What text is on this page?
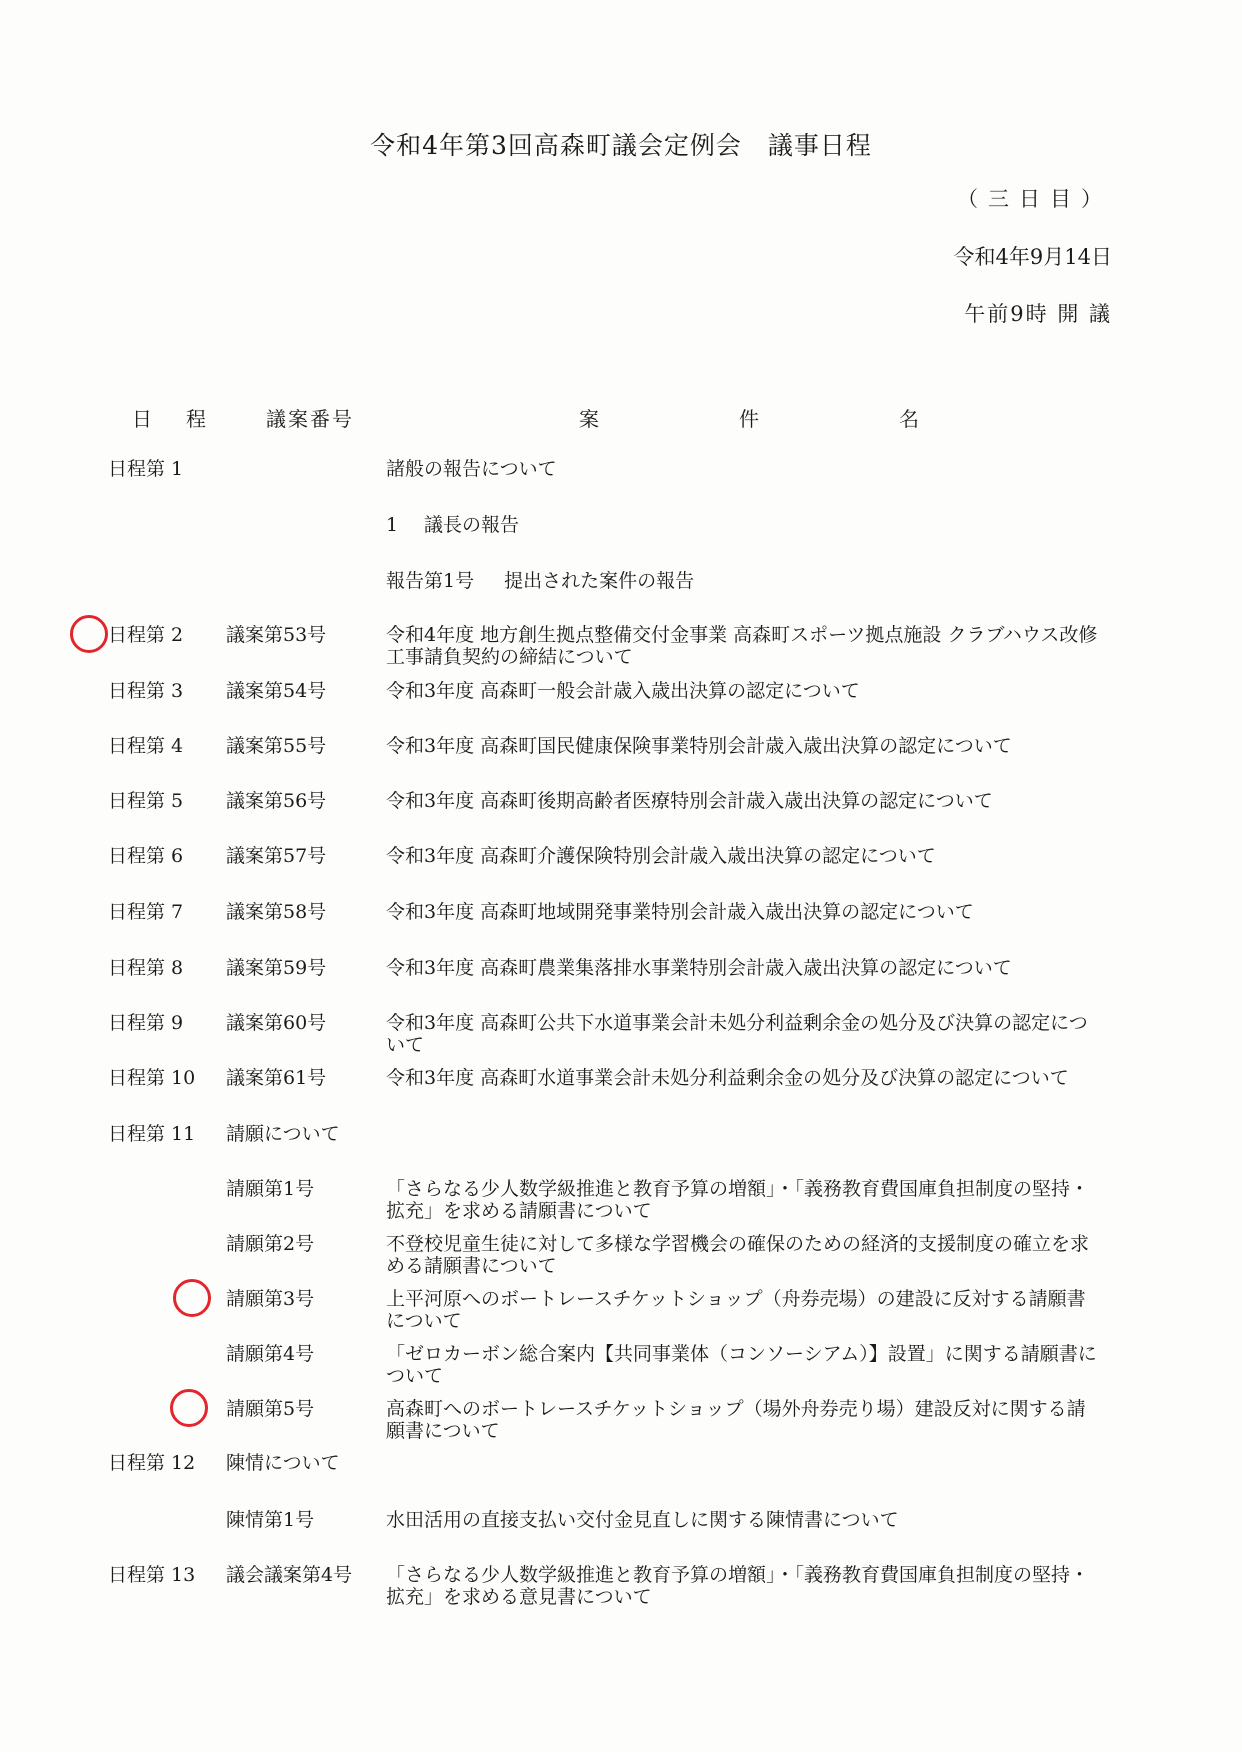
令和4年第3回高森町議会定例会　議事日程
（三日目）
令和4年9月14日
午前9時 開 議
日程 議案番号	案件名
日程第 1	諸般の報告について
1 議長の報告
報告第1号 提出された案件の報告
日程第 2 議案第53号	令和4年度 地方創生拠点整備交付金事業 高森町スポーツ拠点施設 クラブハウス改修工事請負契約の締結について
日程第 3 議案第54号	令和3年度 高森町一般会計歳入歳出決算の認定について
日程第 4 議案第55号	令和3年度 高森町国民健康保険事業特別会計歳入歳出決算の認定について
日程第 5 議案第56号	令和3年度 高森町後期高齢者医療特別会計歳入歳出決算の認定について
日程第 6 議案第57号	令和3年度 高森町介護保険特別会計歳入歳出決算の認定について
日程第 7 議案第58号	令和3年度 高森町地域開発事業特別会計歳入歳出決算の認定について
日程第 8 議案第59号	令和3年度 高森町農業集落排水事業特別会計歳入歳出決算の認定について
日程第 9 議案第60号	令和3年度 高森町公共下水道事業会計未処分利益剰余金の処分及び決算の認定について
日程第 10 議案第61号	令和3年度 高森町水道事業会計未処分利益剰余金の処分及び決算の認定について
日程第 11 請願について
請願第1号	「さらなる少人数学級推進と教育予算の増額」・「義務教育費国庫負担制度の堅持・拡充」を求める請願書について
請願第2号	不登校児童生徒に対して多様な学習機会の確保のための経済的支援制度の確立を求める請願書について
請願第3号	上平河原へのボートレースチケットショップ（舟券売場）の建設に反対する請願書について
請願第4号	「ゼロカーボン総合案内【共同事業体（コンソーシアム）】設置」に関する請願書について
請願第5号	高森町へのボートレースチケットショップ（場外舟券売り場）建設反対に関する請願書について
日程第 12 陳情について
陳情第1号	水田活用の直接支払い交付金見直しに関する陳情書について
日程第 13 議会議案第4号 「さらなる少人数学級推進と教育予算の増額」・「義務教育費国庫負担制度の堅持・拡充」を求める意見書について
